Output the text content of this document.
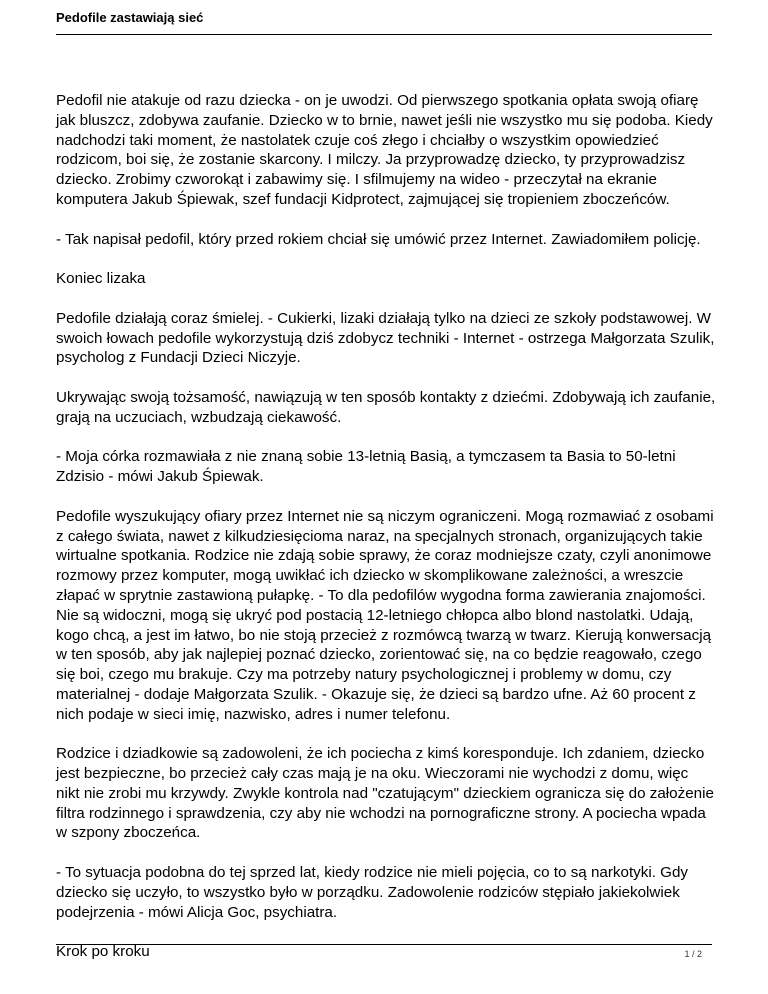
Pedofile zastawiają sieć

Pedofil nie atakuje od razu dziecka - on je uwodzi. Od pierwszego spotkania opłata swoją ofiarę jak bluszcz, zdobywa zaufanie. Dziecko w to brnie, nawet jeśli nie wszystko mu się podoba. Kiedy nadchodzi taki moment, że nastolatek czuje coś złego i chciałby o wszystkim opowiedzieć rodzicom, boi się, że zostanie skarcony. I milczy. Ja przyprowadzę dziecko, ty przyprowadzisz dziecko. Zrobimy czworokąt i zabawimy się. I sfilmujemy na wideo - przeczytał na ekranie komputera Jakub Śpiewak, szef fundacji Kidprotect, zajmującej się tropieniem zboczeńców.

- Tak napisał pedofil, który przed rokiem chciał się umówić przez Internet. Zawiadomiłem policję.

Koniec lizaka

Pedofile działają coraz śmielej. - Cukierki, lizaki działają tylko na dzieci ze szkoły podstawowej. W swoich łowach pedofile wykorzystują dziś zdobycz techniki - Internet - ostrzega Małgorzata Szulik, psycholog z Fundacji Dzieci Niczyje.

Ukrywając swoją tożsamość, nawiązują w ten sposób kontakty z dziećmi. Zdobywają ich zaufanie, grają na uczuciach, wzbudzają ciekawość.

- Moja córka rozmawiała z nie znaną sobie 13-letnią Basią, a tymczasem ta Basia to 50-letni Zdzisio - mówi Jakub Śpiewak.

Pedofile wyszukujący ofiary przez Internet nie są niczym ograniczeni. Mogą rozmawiać z osobami z całego świata, nawet z kilkudziesięcioma naraz, na specjalnych stronach, organizujących takie wirtualne spotkania. Rodzice nie zdają sobie sprawy, że coraz modniejsze czaty, czyli anonimowe rozmowy przez komputer, mogą uwikłać ich dziecko w skomplikowane zależności, a wreszcie złapać w sprytnie zastawioną pułapkę. - To dla pedofilów wygodna forma zawierania znajomości. Nie są widoczni, mogą się ukryć pod postacią 12-letniego chłopca albo blond nastolatki. Udają, kogo chcą, a jest im łatwo, bo nie stoją przecież z rozmówcą twarzą w twarz. Kierują konwersacją w ten sposób, aby jak najlepiej poznać dziecko, zorientować się, na co będzie reagowało, czego się boi, czego mu brakuje. Czy ma potrzeby natury psychologicznej i problemy w domu, czy materialnej - dodaje Małgorzata Szulik. - Okazuje się, że dzieci są bardzo ufne. Aż 60 procent z nich podaje w sieci imię, nazwisko, adres i numer telefonu.

Rodzice i dziadkowie są zadowoleni, że ich pociecha z kimś koresponduje. Ich zdaniem, dziecko jest bezpieczne, bo przecież cały czas mają je na oku. Wieczorami nie wychodzi z domu, więc nikt nie zrobi mu krzywdy. Zwykle kontrola nad "czatującym" dzieckiem ogranicza się do założenie filtra rodzinnego i sprawdzenia, czy aby nie wchodzi na pornograficzne strony. A pociecha wpada w szpony zboczeńca.

- To sytuacja podobna do tej sprzed lat, kiedy rodzice nie mieli pojęcia, co to są narkotyki. Gdy dziecko się uczyło, to wszystko było w porządku. Zadowolenie rodziców stępiało jakiekolwiek podejrzenia - mówi Alicja Goc, psychiatra.

Krok po kroku	1 / 2
